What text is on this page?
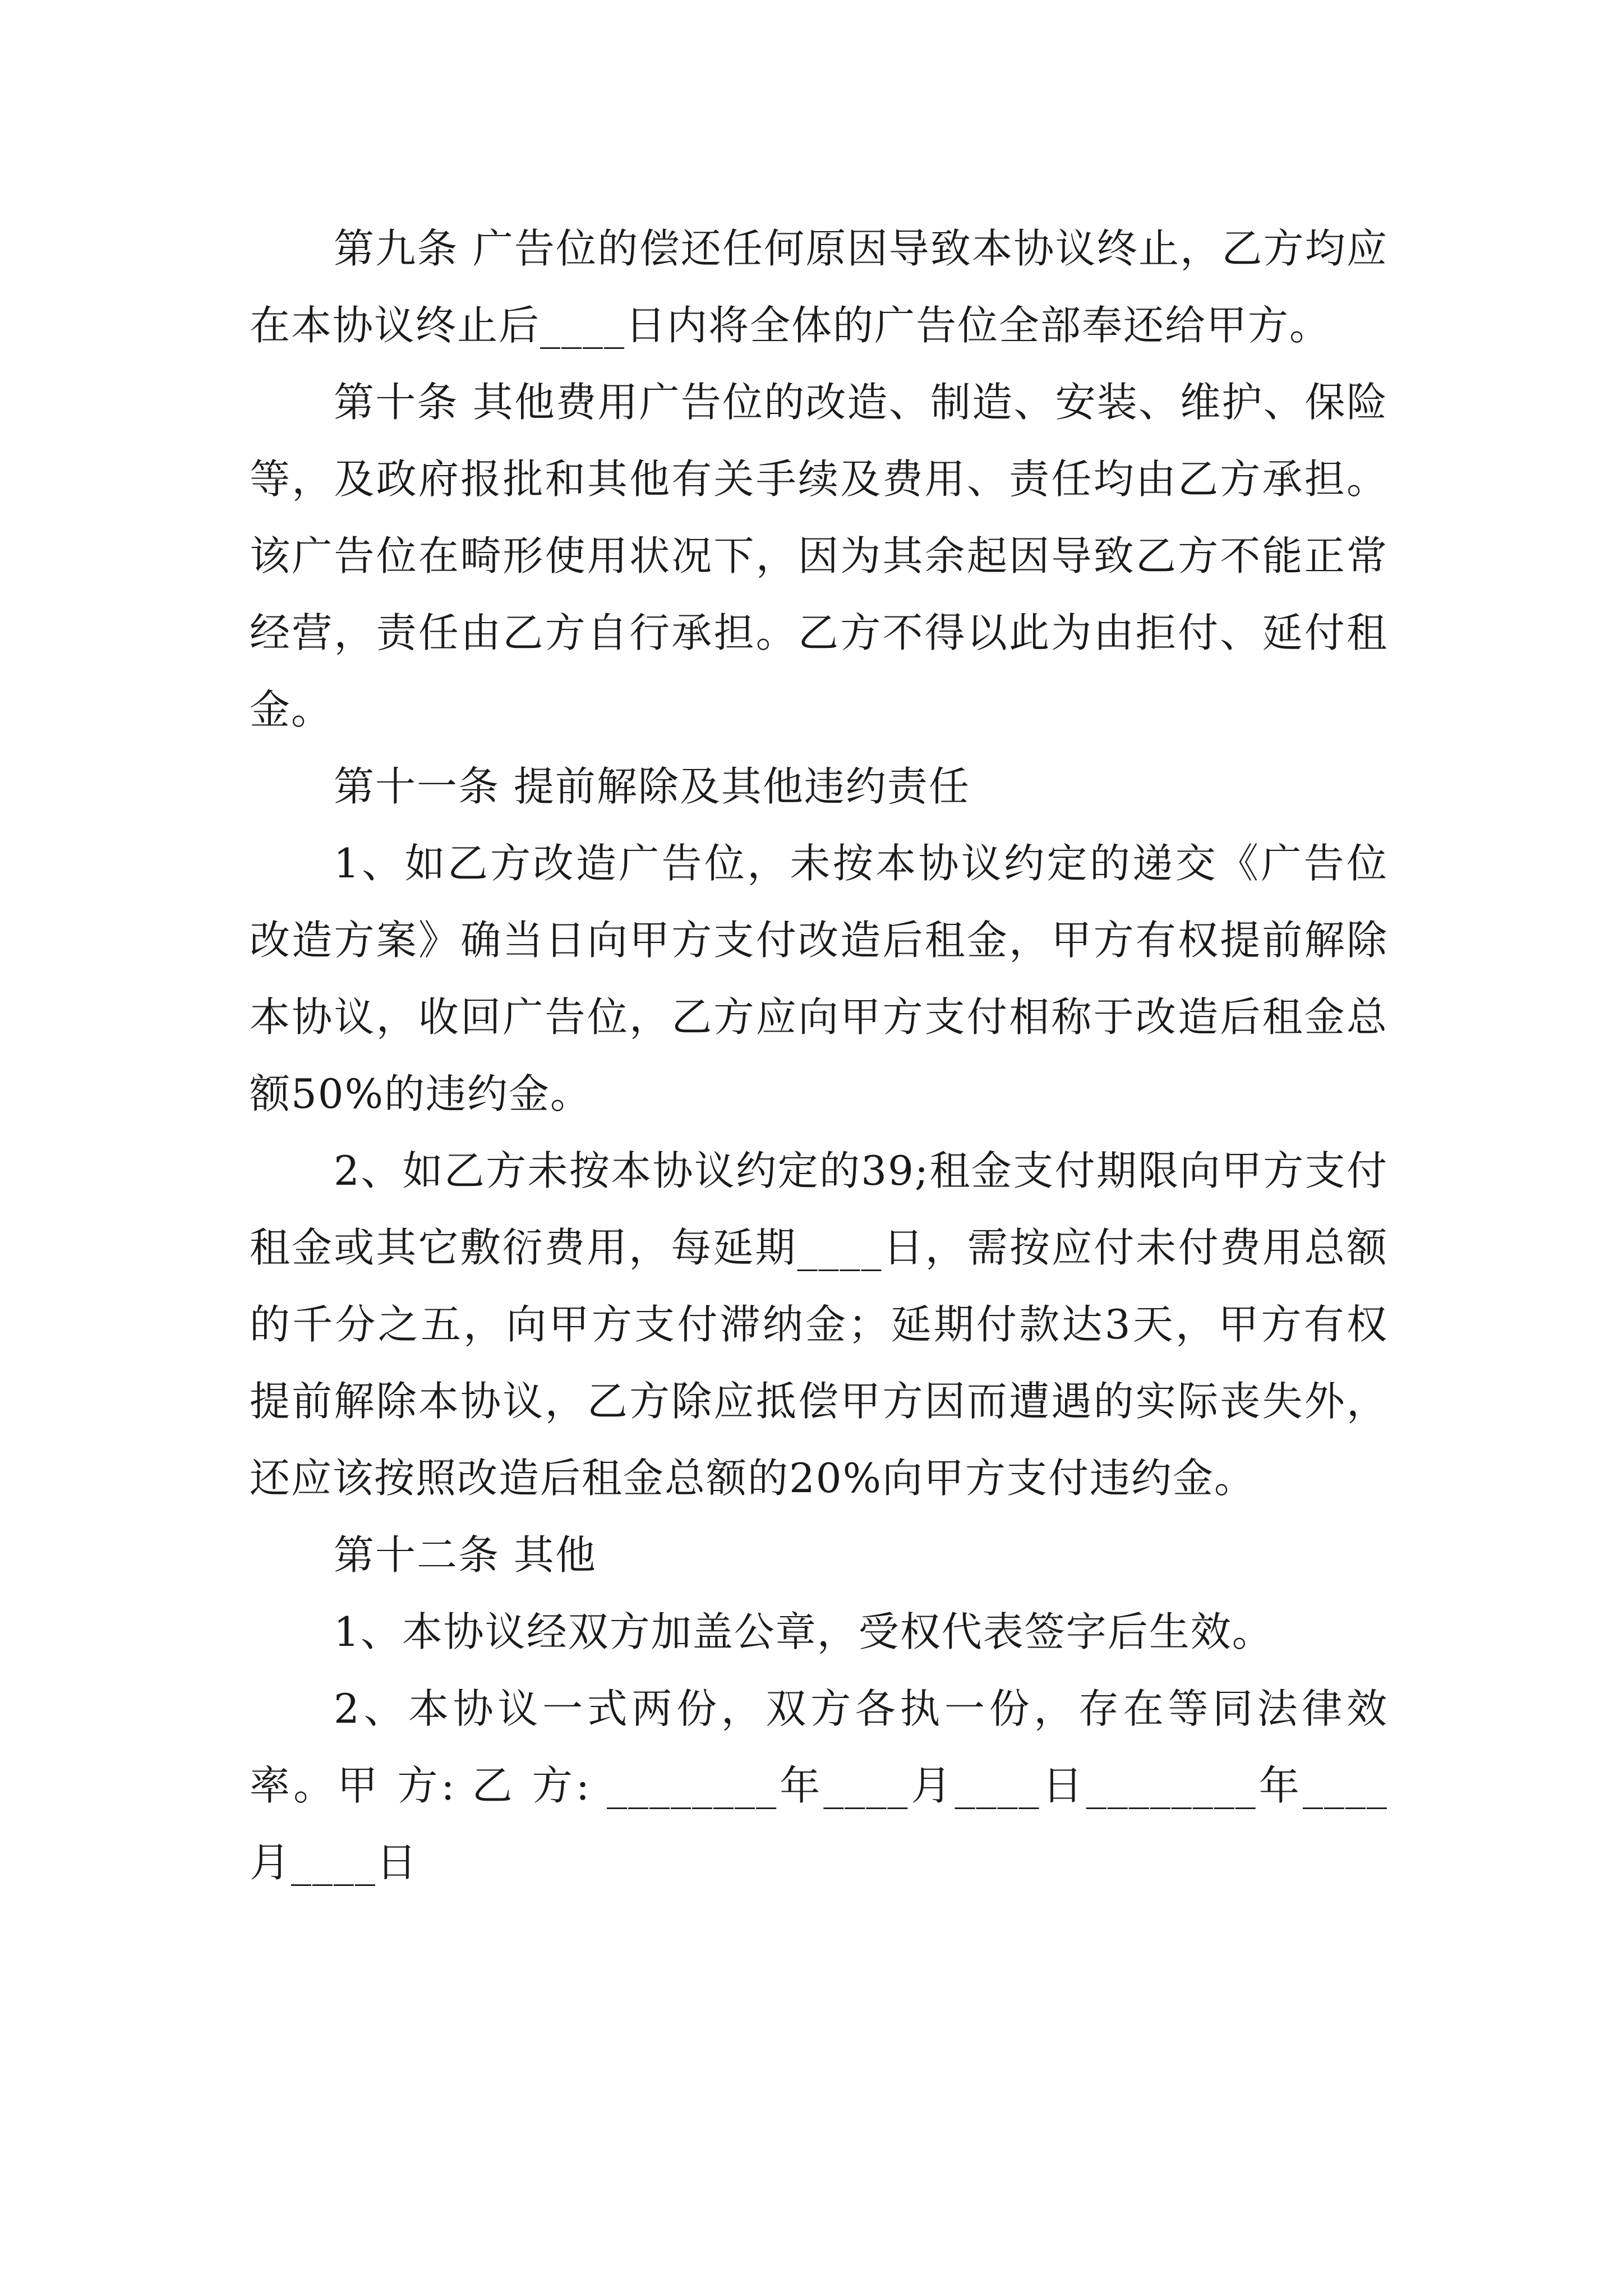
第九条 广告位的偿还任何原因导致本协议终止，乙方均应在本协议终止后____日内将全体的广告位全部奉还给甲方。

第十条 其他费用广告位的改造、制造、安装、维护、保险等，及政府报批和其他有关手续及费用、责任均由乙方承担。该广告位在畸形使用状况下，因为其余起因导致乙方不能正常经营，责任由乙方自行承担。乙方不得以此为由拒付、延付租金。

第十一条 提前解除及其他违约责任

1、如乙方改造广告位，未按本协议约定的递交《广告位改造方案》确当日向甲方支付改造后租金，甲方有权提前解除本协议，收回广告位，乙方应向甲方支付相称于改造后租金总额50%的违约金。

2、如乙方未按本协议约定的39;租金支付期限向甲方支付租金或其它敷衍费用，每延期____日，需按应付未付费用总额的千分之五，向甲方支付滞纳金；延期付款达3天，甲方有权提前解除本协议，乙方除应抵偿甲方因而遭遇的实际丧失外，还应该按照改造后租金总额的20%向甲方支付违约金。

第十二条 其他

1、本协议经双方加盖公章，受权代表签字后生效。

2、本协议一式两份，双方各执一份，存在等同法律效率。甲 方: 乙 方: ________年____月____日________年____月____日
